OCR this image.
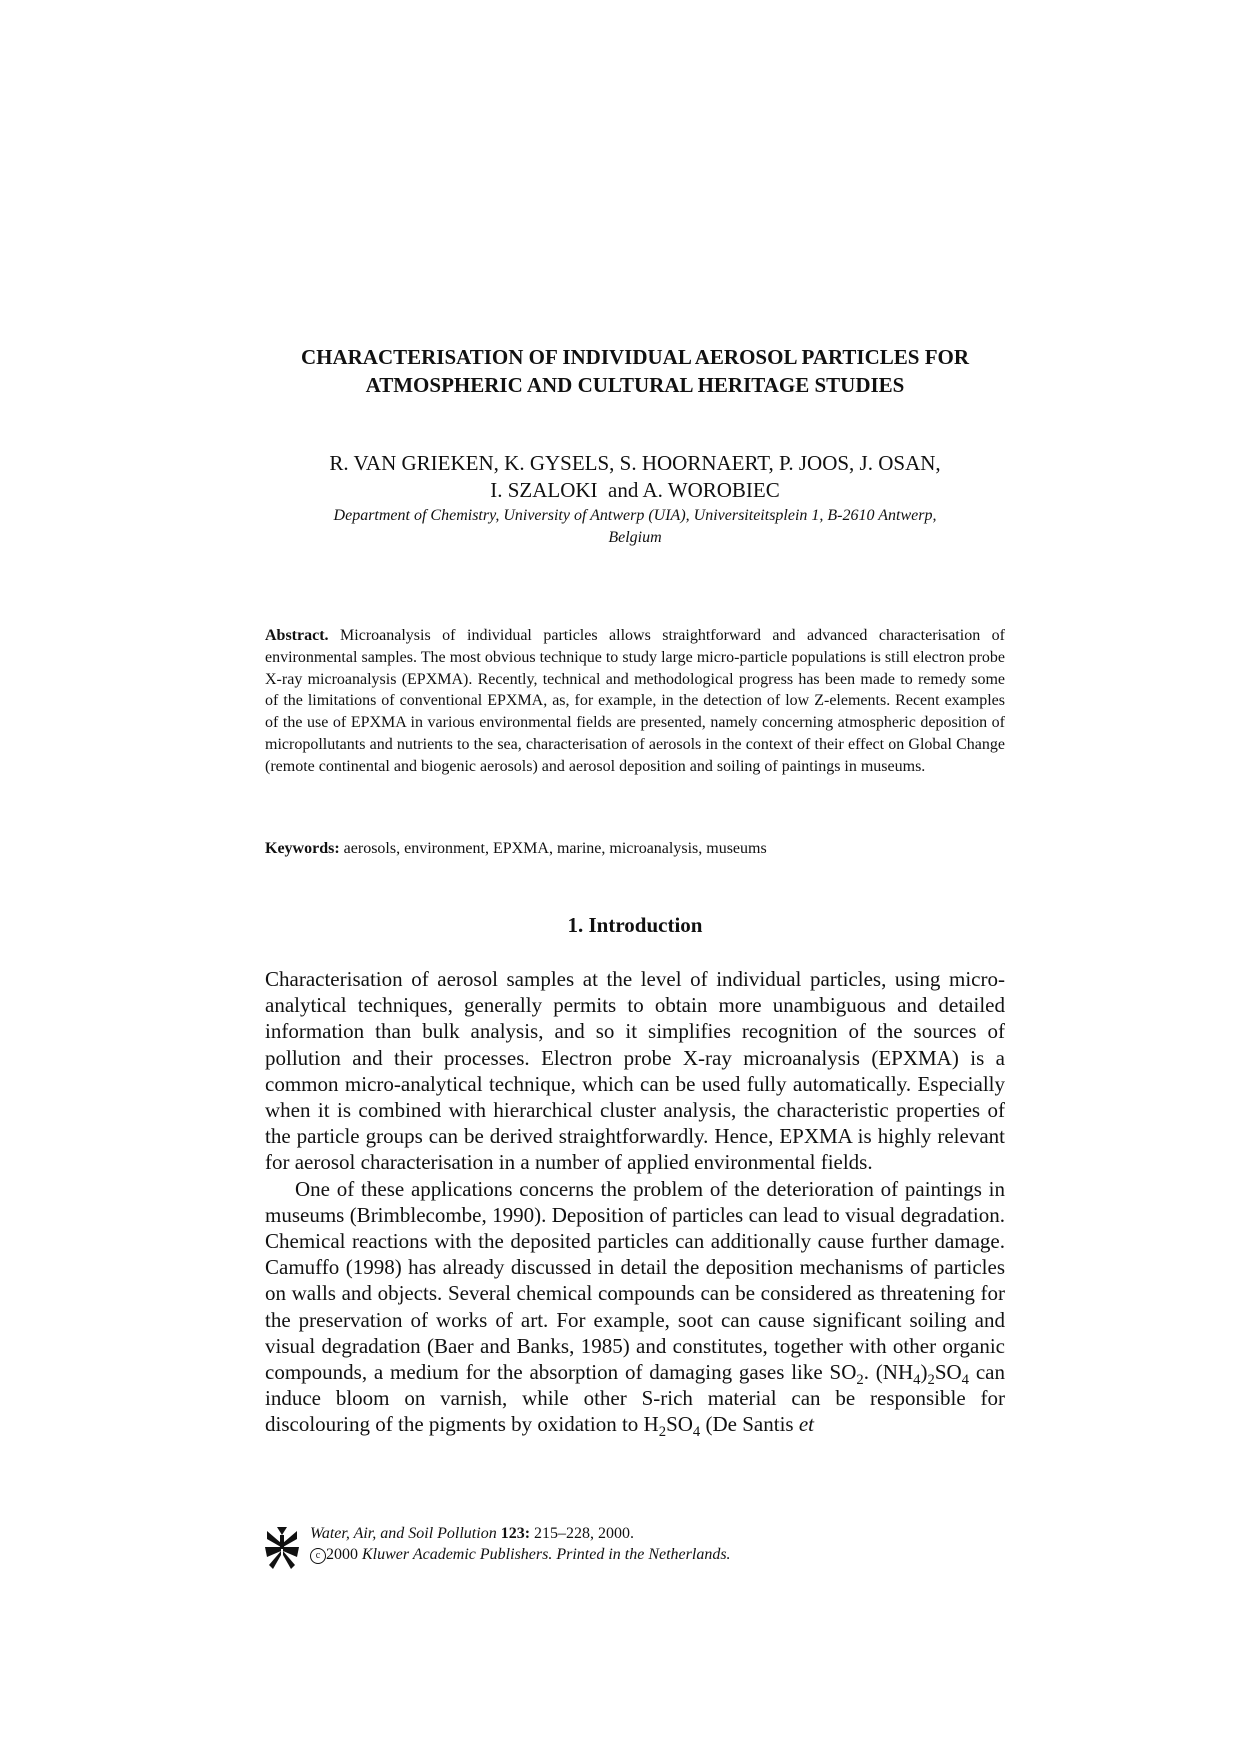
CHARACTERISATION OF INDIVIDUAL AEROSOL PARTICLES FOR
ATMOSPHERIC AND CULTURAL HERITAGE STUDIES
R. VAN GRIEKEN, K. GYSELS, S. HOORNAERT, P. JOOS, J. OSAN,
I. SZALOKI  and A. WOROBIEC
Department of Chemistry, University of Antwerp (UIA), Universiteitsplein 1, B-2610 Antwerp,
Belgium

Abstract. Microanalysis of individual particles allows straightforward and advanced characterisation of environmental samples. The most obvious technique to study large micro-particle populations is still electron probe X-ray microanalysis (EPXMA). Recently, technical and methodological progress has been made to remedy some of the limitations of conventional EPXMA, as, for example, in the detection of low Z-elements. Recent examples of the use of EPXMA in various environmental fields are presented, namely concerning atmospheric deposition of micropollutants and nutrients to the sea, characterisation of aerosols in the context of their effect on Global Change (remote continental and biogenic aerosols) and aerosol deposition and soiling of paintings in museums.

Keywords: aerosols, environment, EPXMA, marine, microanalysis, museums

1. Introduction

Characterisation of aerosol samples at the level of individual particles, using micro-analytical techniques, generally permits to obtain more unambiguous and detailed information than bulk analysis, and so it simplifies recognition of the sources of pollution and their processes. Electron probe X-ray microanalysis (EPXMA) is a common micro-analytical technique, which can be used fully automatically. Especially when it is combined with hierarchical cluster analysis, the characteristic properties of the particle groups can be derived straightforwardly. Hence, EPXMA is highly relevant for aerosol characterisation in a number of applied environmental fields.

One of these applications concerns the problem of the deterioration of paintings in museums (Brimblecombe, 1990). Deposition of particles can lead to visual degradation. Chemical reactions with the deposited particles can additionally cause further damage. Camuffo (1998) has already discussed in detail the deposition mechanisms of particles on walls and objects. Several chemical compounds can be considered as threatening for the preservation of works of art. For example, soot can cause significant soiling and visual degradation (Baer and Banks, 1985) and constitutes, together with other organic compounds, a medium for the absorption of damaging gases like $SO_2$. $(NH_4)_2SO_4$ can induce bloom on varnish, while other S-rich material can be responsible for discolouring of the pigments by oxidation to $H_2SO_4$ (De Santis et

Water, Air, and Soil Pollution 123: 215–228, 2000.
c 2000 Kluwer Academic Publishers. Printed in the Netherlands.
